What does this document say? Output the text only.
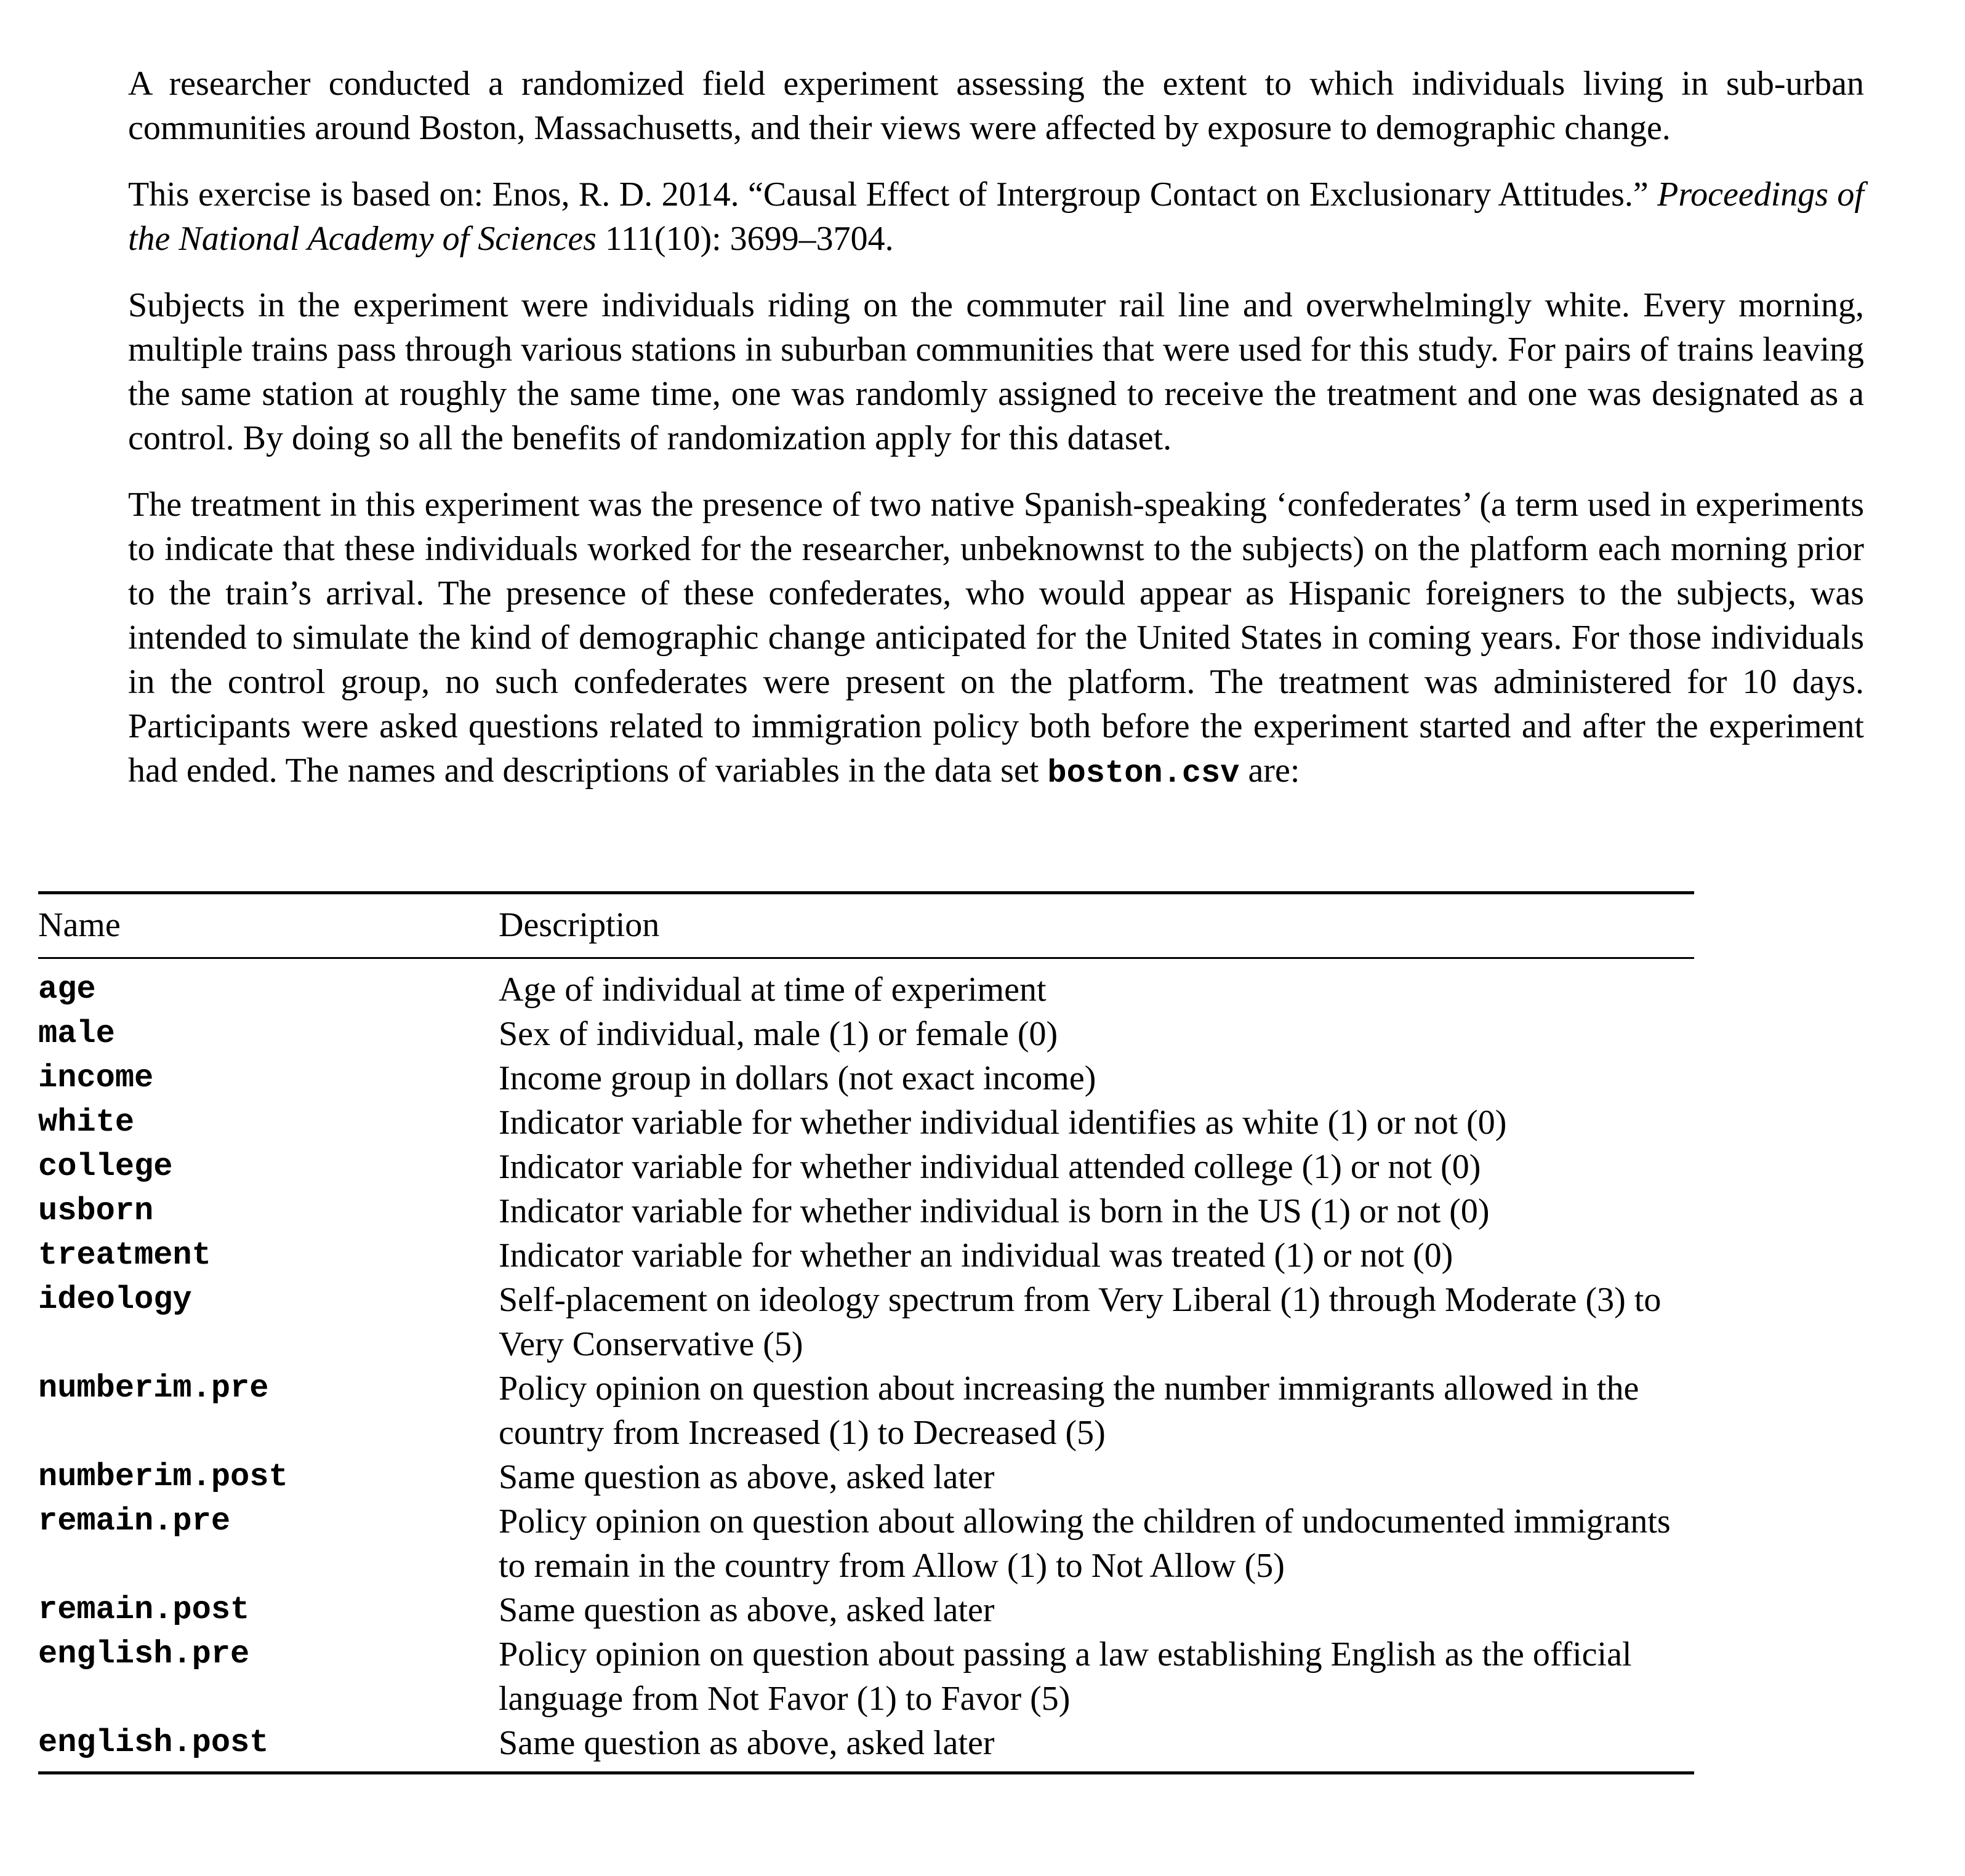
A researcher conducted a randomized field experiment assessing the extent to which individuals living in sub-urban communities around Boston, Massachusetts, and their views were affected by exposure to demographic change.

This exercise is based on: Enos, R. D. 2014. “Causal Effect of Intergroup Contact on Exclusionary Attitudes.” Proceedings of the National Academy of Sciences 111(10): 3699–3704.

Subjects in the experiment were individuals riding on the commuter rail line and overwhelmingly white. Every morning, multiple trains pass through various stations in suburban communities that were used for this study. For pairs of trains leaving the same station at roughly the same time, one was randomly assigned to receive the treatment and one was designated as a control. By doing so all the benefits of randomization apply for this dataset.

The treatment in this experiment was the presence of two native Spanish-speaking ‘confederates’ (a term used in experiments to indicate that these individuals worked for the researcher, unbeknownst to the subjects) on the platform each morning prior to the train’s arrival. The presence of these confederates, who would appear as Hispanic foreigners to the subjects, was intended to simulate the kind of demographic change anticipated for the United States in coming years. For those individuals in the control group, no such confederates were present on the platform. The treatment was administered for 10 days. Participants were asked questions related to immigration policy both before the experiment started and after the experiment had ended. The names and descriptions of variables in the data set boston.csv are:

Name	Description
age	Age of individual at time of experiment
male	Sex of individual, male (1) or female (0)
income	Income group in dollars (not exact income)
white	Indicator variable for whether individual identifies as white (1) or not (0)
college	Indicator variable for whether individual attended college (1) or not (0)
usborn	Indicator variable for whether individual is born in the US (1) or not (0)
treatment	Indicator variable for whether an individual was treated (1) or not (0)
ideology	Self-placement on ideology spectrum from Very Liberal (1) through Moderate (3) to Very Conservative (5)
numberim.pre	Policy opinion on question about increasing the number immigrants allowed in the country from Increased (1) to Decreased (5)
numberim.post	Same question as above, asked later
remain.pre	Policy opinion on question about allowing the children of undocumented immigrants to remain in the country from Allow (1) to Not Allow (5)
remain.post	Same question as above, asked later
english.pre	Policy opinion on question about passing a law establishing English as the official language from Not Favor (1) to Favor (5)
english.post	Same question as above, asked later
